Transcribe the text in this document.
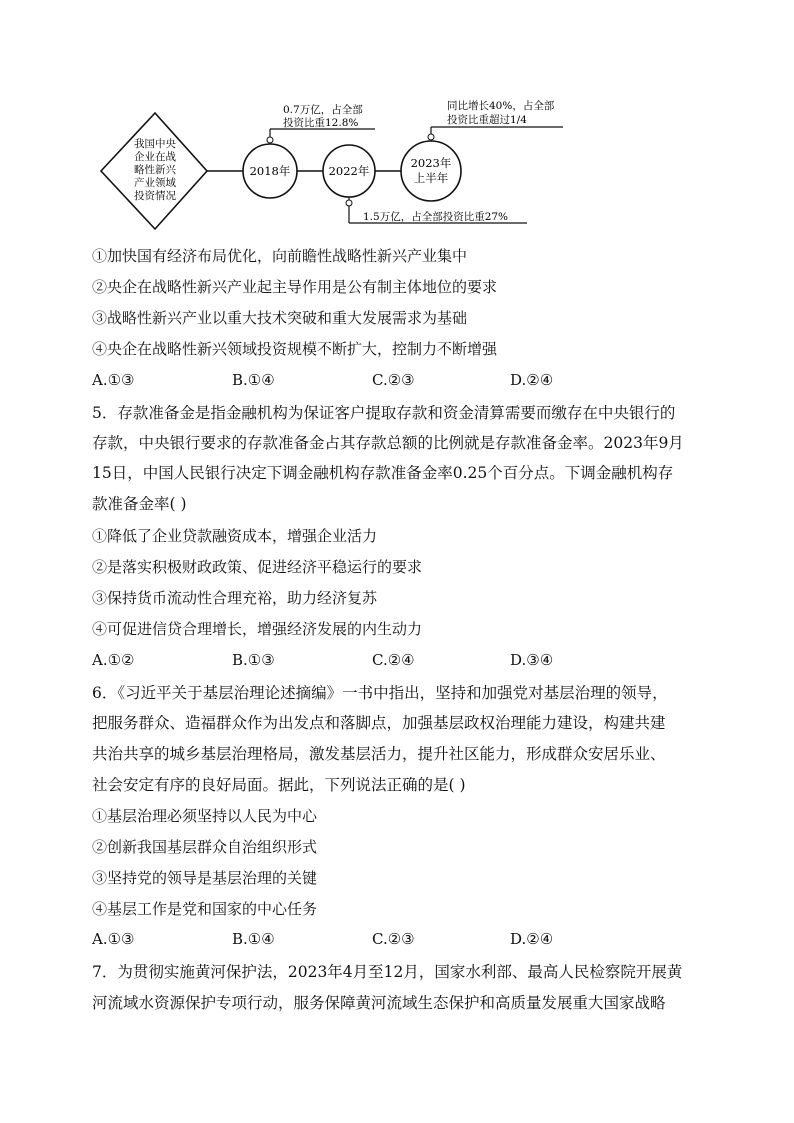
我国中央
企业在战
略性新兴
产业领域
投资情况
2018年
0.7万亿，占全部
投资比重12.8%
2022年
1.5万亿，占全部投资比重27%
2023年
上半年
同比增长40%，占全部
投资比重超过1/4
①加快国有经济布局优化，向前瞻性战略性新兴产业集中
②央企在战略性新兴产业起主导作用是公有制主体地位的要求
③战略性新兴产业以重大技术突破和重大发展需求为基础
④央企在战略性新兴领域投资规模不断扩大，控制力不断增强
A.①③	B.①④	C.②③	D.②④
5．存款准备金是指金融机构为保证客户提取存款和资金清算需要而缴存在中央银行的
存款，中央银行要求的存款准备金占其存款总额的比例就是存款准备金率。2023年9月
15日，中国人民银行决定下调金融机构存款准备金率0.25个百分点。下调金融机构存
款准备金率( )
①降低了企业贷款融资成本，增强企业活力
②是落实积极财政政策、促进经济平稳运行的要求
③保持货币流动性合理充裕，助力经济复苏
④可促进信贷合理增长，增强经济发展的内生动力
A.①②	B.①③	C.②④	D.③④
6．《习近平关于基层治理论述摘编》一书中指出，坚持和加强党对基层治理的领导，
把服务群众、造福群众作为出发点和落脚点，加强基层政权治理能力建设，构建共建
共治共享的城乡基层治理格局，激发基层活力，提升社区能力，形成群众安居乐业、
社会安定有序的良好局面。据此，下列说法正确的是( )
①基层治理必须坚持以人民为中心
②创新我国基层群众自治组织形式
③坚持党的领导是基层治理的关键
④基层工作是党和国家的中心任务
A.①③	B.①④	C.②③	D.②④
7．为贯彻实施黄河保护法，2023年4月至12月，国家水利部、最高人民检察院开展黄
河流域水资源保护专项行动，服务保障黄河流域生态保护和高质量发展重大国家战略
